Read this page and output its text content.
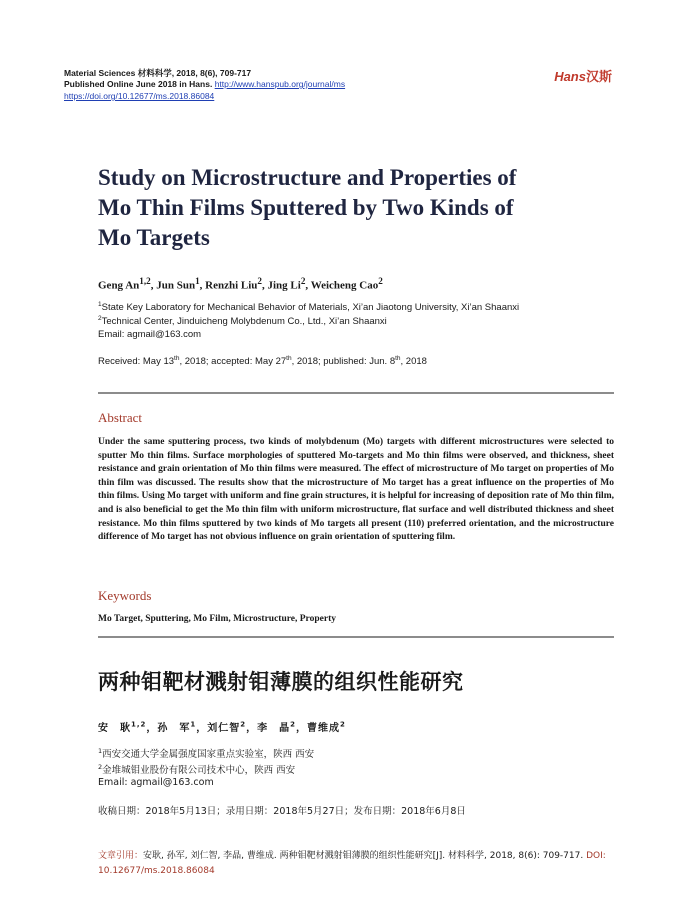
Material Sciences 材料科学, 2018, 8(6), 709-717
Published Online June 2018 in Hans. http://www.hanspub.org/journal/ms
https://doi.org/10.12677/ms.2018.86084
Hans汉斯
Study on Microstructure and Properties of
Mo Thin Films Sputtered by Two Kinds of
Mo Targets
Geng An$^{1,2}$, Jun Sun$^1$, Renzhi Liu$^2$, Jing Li$^2$, Weicheng Cao$^2$
$^1$State Key Laboratory for Mechanical Behavior of Materials, Xi’an Jiaotong University, Xi’an Shaanxi
$^2$Technical Center, Jinduicheng Molybdenum Co., Ltd., Xi’an Shaanxi
Email: agmail@163.com
Received: May 13th, 2018; accepted: May 27th, 2018; published: Jun. 8th, 2018
Abstract
Under the same sputtering process, two kinds of molybdenum (Mo) targets with different microstructures were selected to sputter Mo thin films. Surface morphologies of sputtered Mo-targets and Mo thin films were observed, and thickness, sheet resistance and grain orientation of Mo thin films were measured. The effect of microstructure of Mo target on properties of Mo thin film was discussed. The results show that the microstructure of Mo target has a great influence on the properties of Mo thin films. Using Mo target with uniform and fine grain structures, it is helpful for increasing of deposition rate of Mo thin film, and is also beneficial to get the Mo thin film with uniform microstructure, flat surface and well distributed thickness and sheet resistance. Mo thin films sputtered by two kinds of Mo targets all present (110) preferred orientation, and the microstructure difference of Mo target has not obvious influence on grain orientation of sputtering film.
Keywords
Mo Target, Sputtering, Mo Film, Microstructure, Property
两种钼靶材溅射钼薄膜的组织性能研究
安　耿$^{1,2}$，孙　军$^1$，刘仁智$^2$，李　晶$^2$，曹维成$^2$
$^1$西安交通大学金属强度国家重点实验室，陕西 西安
$^2$金堆城钼业股份有限公司技术中心，陕西 西安
Email: agmail@163.com
收稿日期：2018年5月13日；录用日期：2018年5月27日；发布日期：2018年6月8日
文章引用：安耿, 孙军, 刘仁智, 李晶, 曹维成. 两种钼靶材溅射钼薄膜的组织性能研究[J]. 材料科学, 2018, 8(6): 709-717. DOI: 10.12677/ms.2018.86084
